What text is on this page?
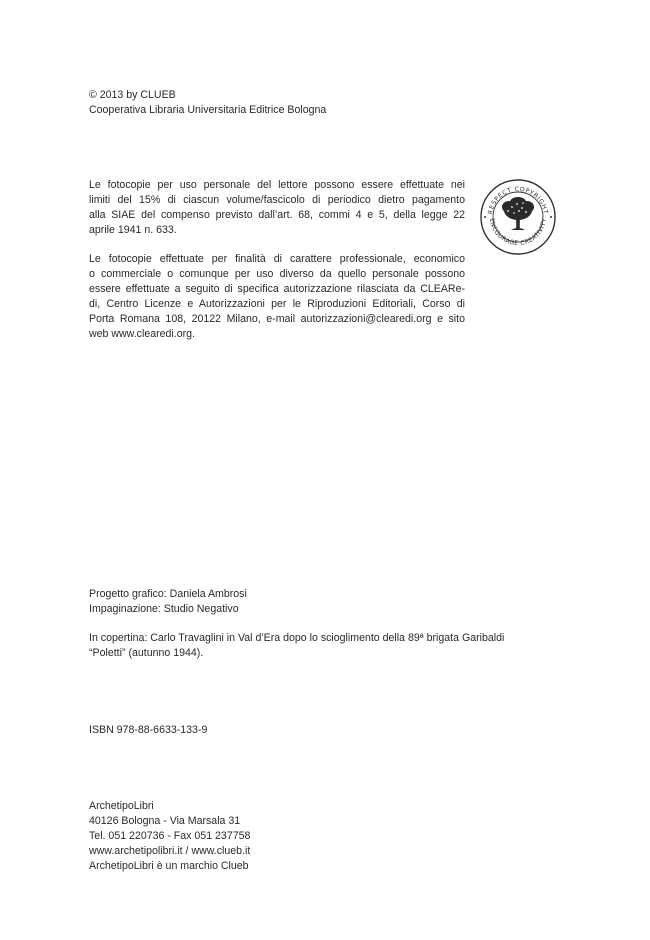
© 2013 by CLUEB
Cooperativa Libraria Universitaria Editrice Bologna
Le fotocopie per uso personale del lettore possono essere effettuate nei
limiti del 15% di ciascun volume/fascicolo di periodico dietro pagamento
alla SIAE del compenso previsto dall’art. 68, commi 4 e 5, della legge 22
aprile 1941 n. 633.
Le fotocopie effettuate per finalità di carattere professionale, economico
o commerciale o comunque per uso diverso da quello personale possono
essere effettuate a seguito di specifica autorizzazione rilasciata da CLEARe-
di, Centro Licenze e Autorizzazioni per le Riproduzioni Editoriali, Corso di
Porta Romana 108, 20122 Milano, e-mail autorizzazioni@clearedi.org e sito
web www.clearedi.org.
RESPECT COPYRIGHT
ENCOURAGE CREATIVITY
Progetto grafico: Daniela Ambrosi
Impaginazione: Studio Negativo
In copertina: Carlo Travaglini in Val d’Era dopo lo scioglimento della 89ª brigata Garibaldi
“Poletti” (autunno 1944).
ISBN 978-88-6633-133-9
ArchetipoLibri
40126 Bologna - Via Marsala 31
Tel. 051 220736 - Fax 051 237758
www.archetipolibri.it / www.clueb.it
ArchetipoLibri è un marchio Clueb
